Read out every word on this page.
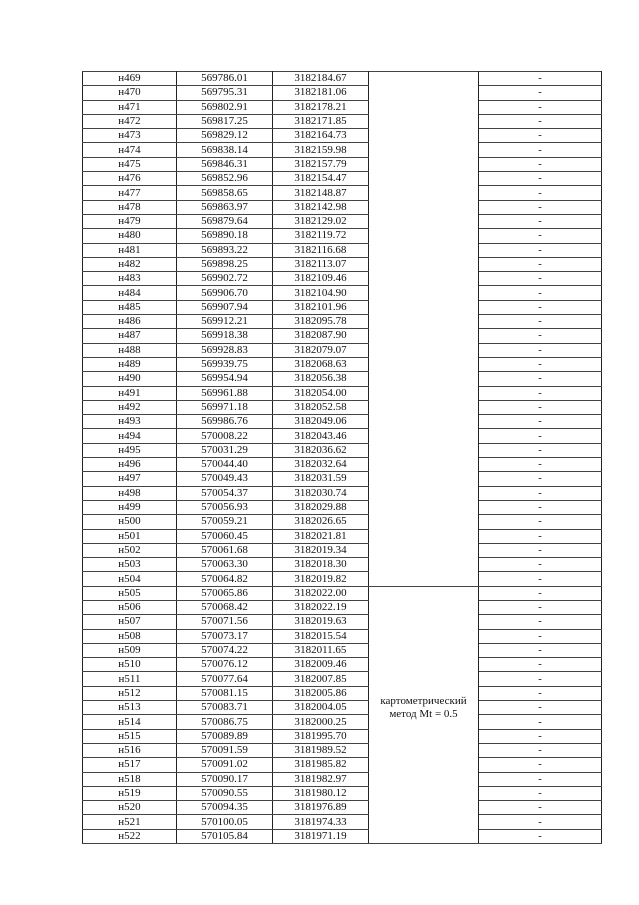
н469	569786.01	3182184.67		-
н470	569795.31	3182181.06		-
н471	569802.91	3182178.21		-
н472	569817.25	3182171.85		-
н473	569829.12	3182164.73		-
н474	569838.14	3182159.98		-
н475	569846.31	3182157.79		-
н476	569852.96	3182154.47		-
н477	569858.65	3182148.87		-
н478	569863.97	3182142.98		-
н479	569879.64	3182129.02		-
н480	569890.18	3182119.72		-
н481	569893.22	3182116.68		-
н482	569898.25	3182113.07		-
н483	569902.72	3182109.46		-
н484	569906.70	3182104.90		-
н485	569907.94	3182101.96		-
н486	569912.21	3182095.78		-
н487	569918.38	3182087.90		-
н488	569928.83	3182079.07		-
н489	569939.75	3182068.63		-
н490	569954.94	3182056.38		-
н491	569961.88	3182054.00		-
н492	569971.18	3182052.58		-
н493	569986.76	3182049.06		-
н494	570008.22	3182043.46		-
н495	570031.29	3182036.62		-
н496	570044.40	3182032.64		-
н497	570049.43	3182031.59		-
н498	570054.37	3182030.74		-
н499	570056.93	3182029.88		-
н500	570059.21	3182026.65		-
н501	570060.45	3182021.81		-
н502	570061.68	3182019.34		-
н503	570063.30	3182018.30		-
н504	570064.82	3182019.82		-
н505	570065.86	3182022.00		-
н506	570068.42	3182022.19		-
н507	570071.56	3182019.63		-
н508	570073.17	3182015.54		-
н509	570074.22	3182011.65		-
н510	570076.12	3182009.46		-
н511	570077.64	3182007.85		-
н512	570081.15	3182005.86		-
н513	570083.71	3182004.05	картометрический
метод Mt = 0.5	-
н514	570086.75	3182000.25		-
н515	570089.89	3181995.70		-
н516	570091.59	3181989.52		-
н517	570091.02	3181985.82		-
н518	570090.17	3181982.97		-
н519	570090.55	3181980.12		-
н520	570094.35	3181976.89		-
н521	570100.05	3181974.33		-
н522	570105.84	3181971.19		-
